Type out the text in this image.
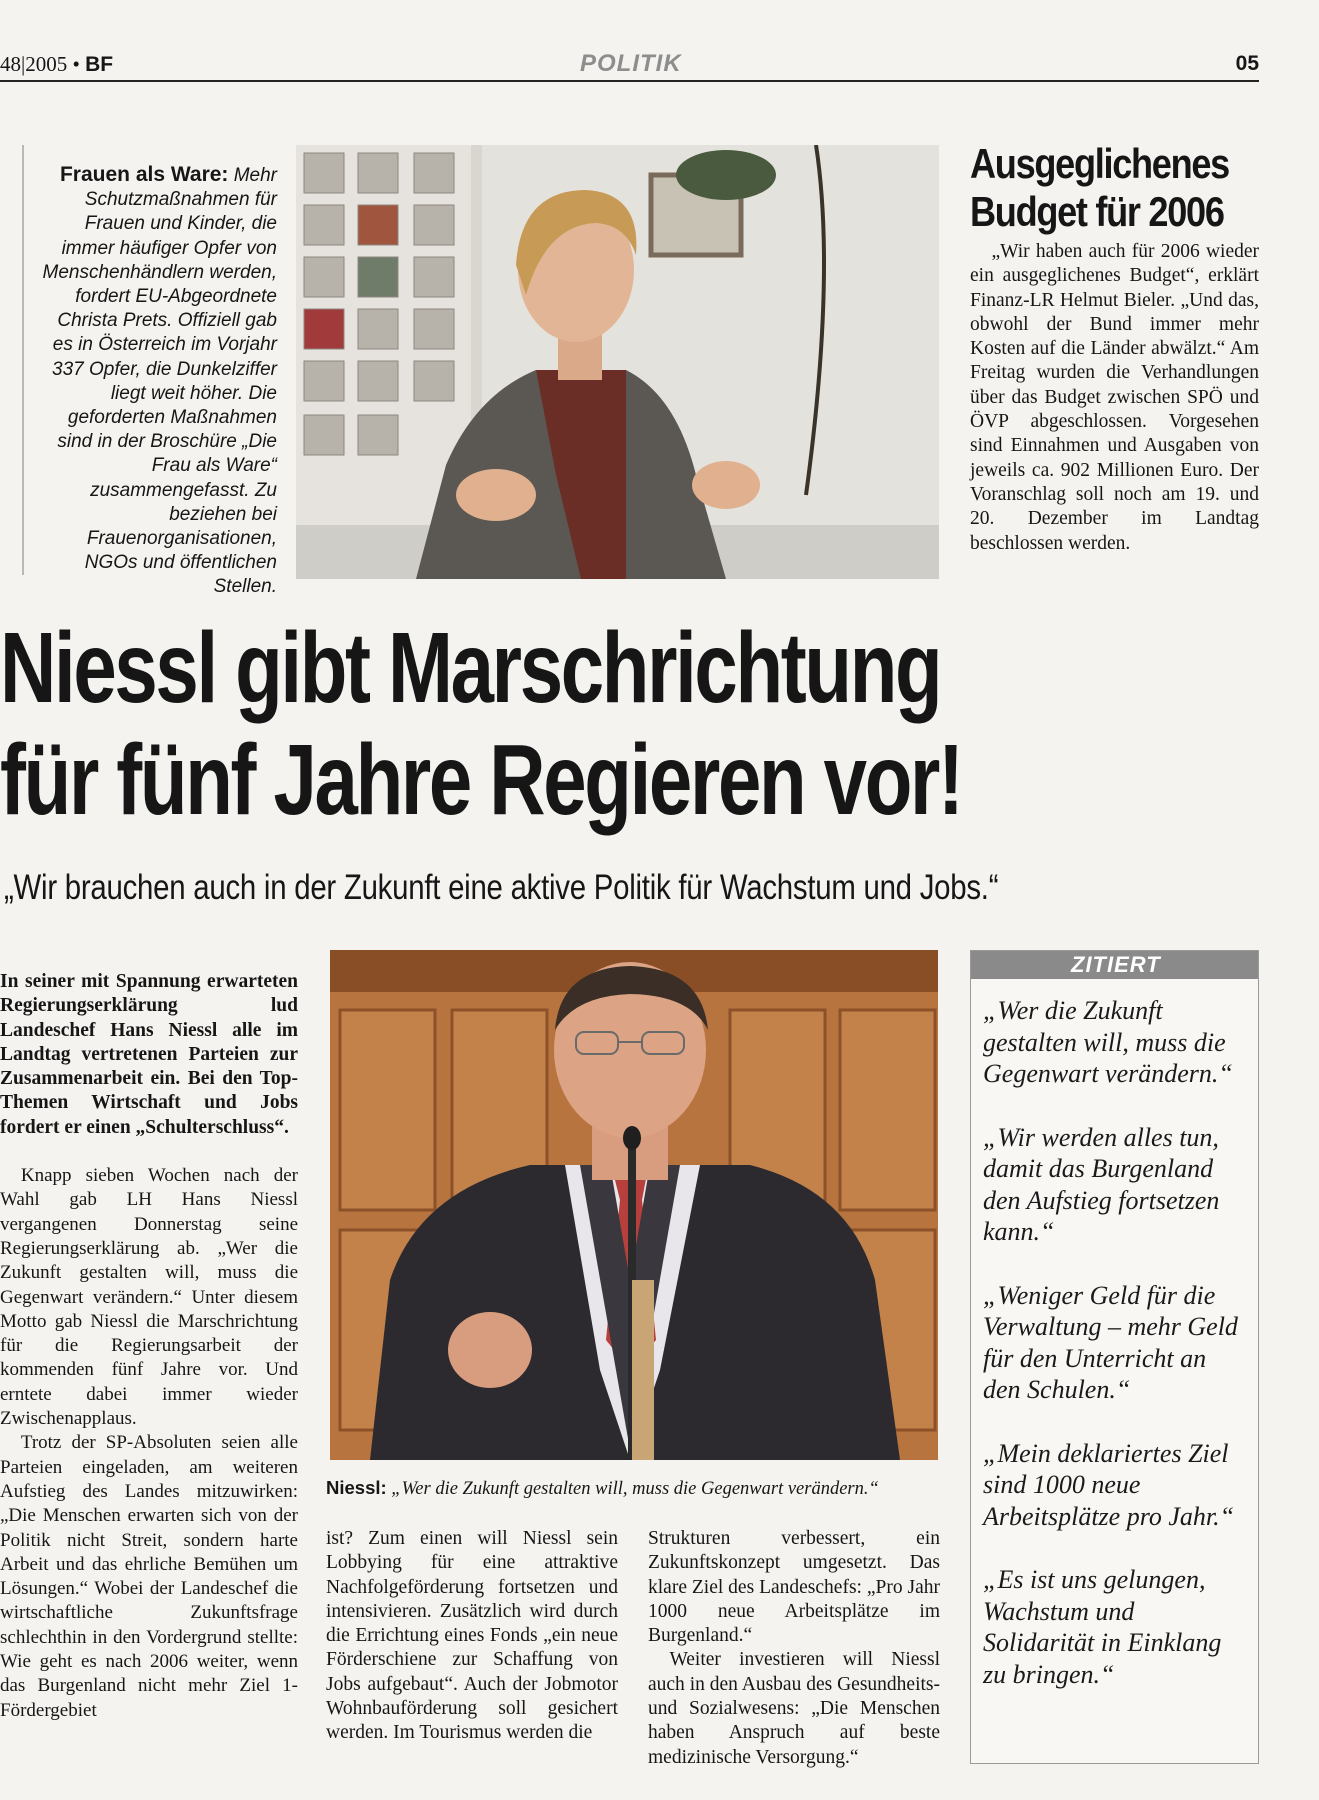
48|2005 • BF	POLITIK	05

Frauen als Ware: Mehr Schutzmaßnahmen für Frauen und Kinder, die immer häufiger Opfer von Menschenhändlern werden, fordert EU-Abgeordnete Christa Prets. Offiziell gab es in Österreich im Vorjahr 337 Opfer, die Dunkelziffer liegt weit höher. Die geforderten Maßnahmen sind in der Broschüre „Die Frau als Ware“ zusammengefasst. Zu beziehen bei Frauenorganisationen, NGOs und öffentlichen Stellen.

Ausgeglichenes
Budget für 2006

„Wir haben auch für 2006 wieder ein ausgeglichenes Budget“, erklärt Finanz-LR Helmut Bieler. „Und das, obwohl der Bund immer mehr Kosten auf die Länder abwälzt.“ Am Freitag wurden die Verhandlungen über das Budget zwischen SPÖ und ÖVP abgeschlossen. Vorgesehen sind Einnahmen und Ausgaben von jeweils ca. 902 Millionen Euro. Der Voranschlag soll noch am 19. und 20. Dezember im Landtag beschlossen werden.

Niessl gibt Marschrichtung
für fünf Jahre Regieren vor!
„Wir brauchen auch in der Zukunft eine aktive Politik für Wachstum und Jobs.“

In seiner mit Spannung erwarteten Regierungserklärung lud Landeschef Hans Niessl alle im Landtag vertretenen Parteien zur Zusammenarbeit ein. Bei den Top-Themen Wirtschaft und Jobs fordert er einen „Schulterschluss“.

Knapp sieben Wochen nach der Wahl gab LH Hans Niessl vergangenen Donnerstag seine Regierungserklärung ab. „Wer die Zukunft gestalten will, muss die Gegenwart verändern.“ Unter diesem Motto gab Niessl die Marschrichtung für die Regierungsarbeit der kommenden fünf Jahre vor. Und erntete dabei immer wieder Zwischenapplaus.

Trotz der SP-Absoluten seien alle Parteien eingeladen, am weiteren Aufstieg des Landes mitzuwirken: „Die Menschen erwarten sich von der Politik nicht Streit, sondern harte Arbeit und das ehrliche Bemühen um Lösungen.“ Wobei der Landeschef die wirtschaftliche Zukunftsfrage schlechthin in den Vordergrund stellte: Wie geht es nach 2006 weiter, wenn das Burgenland nicht mehr Ziel 1-Fördergebiet

Niessl: „Wer die Zukunft gestalten will, muss die Gegenwart verändern.“

ist? Zum einen will Niessl sein Lobbying für eine attraktive Nachfolgeförderung fortsetzen und intensivieren. Zusätzlich wird durch die Errichtung eines Fonds „ein neue Förderschiene zur Schaffung von Jobs aufgebaut“. Auch der Jobmotor Wohnbauförderung soll gesichert werden. Im Tourismus werden die

Strukturen verbessert, ein Zukunftskonzept umgesetzt. Das klare Ziel des Landeschefs: „Pro Jahr 1000 neue Arbeitsplätze im Burgenland.“
Weiter investieren will Niessl auch in den Ausbau des Gesundheits- und Sozialwesens: „Die Menschen haben Anspruch auf beste medizinische Versorgung.“
ZITIERT

„Wer die Zukunft gestalten will, muss die Gegenwart verändern.“

„Wir werden alles tun, damit das Burgenland den Aufstieg fortsetzen kann.“

„Weniger Geld für die Verwaltung – mehr Geld für den Unterricht an den Schulen.“

„Mein deklariertes Ziel sind 1000 neue Arbeitsplätze pro Jahr.“

„Es ist uns gelungen, Wachstum und Solidarität in Einklang zu bringen.“
